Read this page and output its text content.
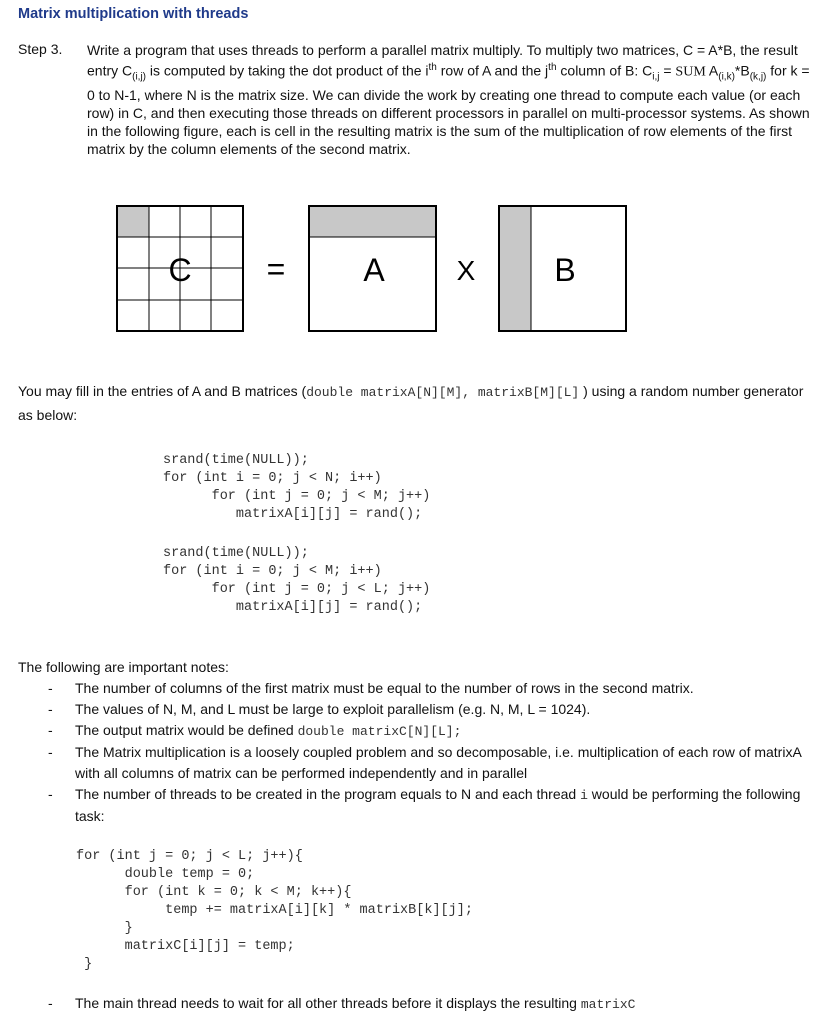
Matrix multiplication with threads
Step 3. Write a program that uses threads to perform a parallel matrix multiply. To multiply two matrices, C = A*B, the result entry $C_{(i,j)}$ is computed by taking the dot product of the $i^{th}$ row of A and the $j^{th}$ column of B: $C_{i,j}$ = SUM $A_{(i,k)}*B_{(k,j)}$ for k = 0 to N-1, where N is the matrix size. We can divide the work by creating one thread to compute each value (or each row) in C, and then executing those threads on different processors in parallel on multi-processor systems. As shown in the following figure, each is cell in the resulting matrix is the sum of the multiplication of row elements of the first matrix by the column elements of the second matrix.

C = A	X B
You may fill in the entries of A and B matrices (double matrixA[N][M], matrixB[M][L] ) using a random number generator as below:
srand(time(NULL));
for (int i = 0; j < N; i++)
for (int j = 0; j < M; j++)
matrixA[i][j] = rand();
srand(time(NULL));
for (int i = 0; j < M; i++)
for (int j = 0; j < L; j++)
matrixA[i][j] = rand();
The following are important notes:
- The number of columns of the first matrix must be equal to the number of rows in the second matrix.
- The values of N, M, and L must be large to exploit parallelism (e.g. N, M, L = 1024).
- The output matrix would be defined double matrixC[N][L];
- The Matrix multiplication is a loosely coupled problem and so decomposable, i.e. multiplication of each row of matrixA with all columns of matrix can be performed independently and in parallel
- The number of threads to be created in the program equals to N and each thread i would be performing the following task:
for (int j = 0; j < L; j++){
double temp = 0;
for (int k = 0; k < M; k++){
temp += matrixA[i][k] * matrixB[k][j];
}
matrixC[i][j] = temp;
}
- The main thread needs to wait for all other threads before it displays the resulting matrixC
